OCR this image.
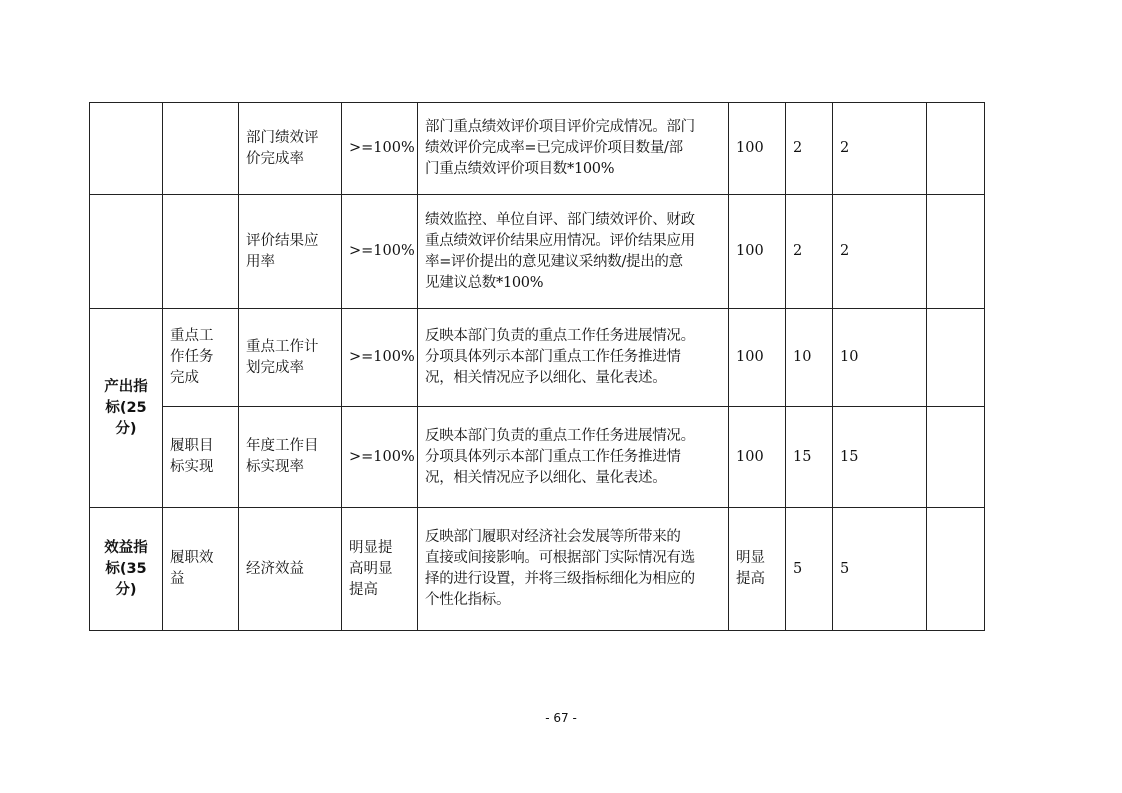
		部门绩效评
价完成率	>=100%	部门重点绩效评价项目评价完成情况。部门
绩效评价完成率=已完成评价项目数量/部
门重点绩效评价项目数*100%	100	2	2	

		评价结果应
用率	>=100%	绩效监控、单位自评、部门绩效评价、财政
重点绩效评价结果应用情况。评价结果应用
率=评价提出的意见建议采纳数/提出的意
见建议总数*100%	100	2	2	

产出指
标(25
分)	重点工
作任务
完成	重点工作计
划完成率	>=100%	反映本部门负责的重点工作任务进展情况。
分项具体列示本部门重点工作任务推进情
况，相关情况应予以细化、量化表述。	100	10	10	

	履职目
标实现	年度工作目
标实现率	>=100%	反映本部门负责的重点工作任务进展情况。
分项具体列示本部门重点工作任务推进情
况，相关情况应予以细化、量化表述。	100	15	15	

效益指
标(35
分)	履职效
益	经济效益	明显提
高明显
提高	反映部门履职对经济社会发展等所带来的
直接或间接影响。可根据部门实际情况有选
择的进行设置，并将三级指标细化为相应的
个性化指标。	明显
提高	5	5	
- 67 -
